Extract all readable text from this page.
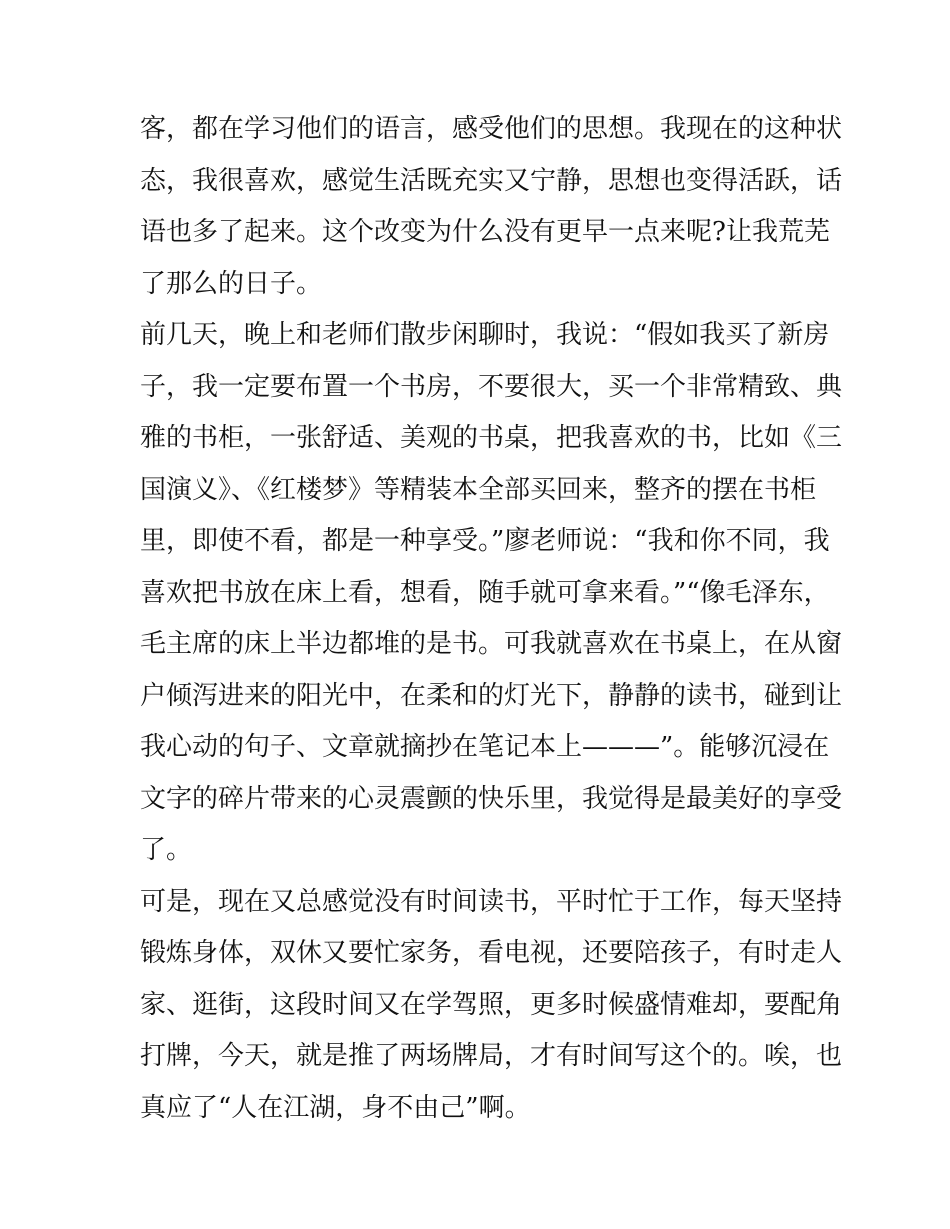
客，都在学习他们的语言，感受他们的思想。我现在的这种状
态，我很喜欢，感觉生活既充实又宁静，思想也变得活跃，话
语也多了起来。这个改变为什么没有更早一点来呢?让我荒芜
了那么的日子。
前几天，晚上和老师们散步闲聊时，我说：“假如我买了新房
子，我一定要布置一个书房，不要很大，买一个非常精致、典
雅的书柜，一张舒适、美观的书桌，把我喜欢的书，比如《三
国演义》、《红楼梦》等精装本全部买回来，整齐的摆在书柜
里，即使不看，都是一种享受。”廖老师说：“我和你不同，我
喜欢把书放在床上看，想看，随手就可拿来看。”“像毛泽东，
毛主席的床上半边都堆的是书。可我就喜欢在书桌上，在从窗
户倾泻进来的阳光中，在柔和的灯光下，静静的读书，碰到让
我心动的句子、文章就摘抄在笔记本上———”。能够沉浸在
文字的碎片带来的心灵震颤的快乐里，我觉得是最美好的享受
了。
可是，现在又总感觉没有时间读书，平时忙于工作，每天坚持
锻炼身体，双休又要忙家务，看电视，还要陪孩子，有时走人
家、逛街，这段时间又在学驾照，更多时候盛情难却，要配角
打牌，今天，就是推了两场牌局，才有时间写这个的。唉，也
真应了“人在江湖，身不由己”啊。
